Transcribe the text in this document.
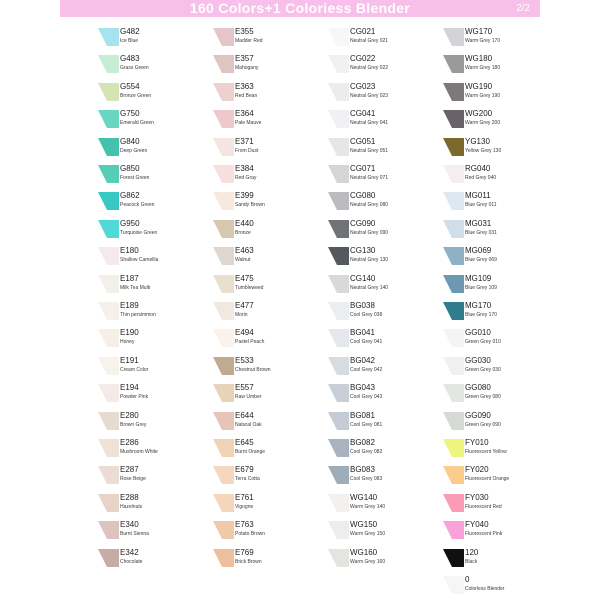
160 Colors+1 Coloriess Blender	2/2
G482
Ice Blue
G483
Grass Green
G554
Bronze Green
G750
Emerald Green
G840
Deep Green
G850
Forest Green
G862
Peacock Green
G950
Turquoise Green
E180
Shallow Camellia
E187
Milk Tea Multi
E189
Thin persimmon
E190
Honey
E191
Cream Color
E194
Powder Pink
E280
Brown Grey
E286
Mushroom White
E287
Rose Beige
E288
Hazelnuts
E340
Burnt Sienna
E342
Chocolate
E355
Madder Red
E357
Mahogany
E363
Red Bean
E364
Pale Mauve
E371
From Dust
E384
Red Gray
E399
Sandy Brown
E440
Bronze
E463
Walnut
E475
Tumbleweed
E477
Morin
E494
Pastel Peach
E533
Chestnut Brown
E557
Raw Umber
E644
Natural Oak
E645
Burnt Orange
E679
Terra Cotta
E761
Vigogne
E763
Potato Brown
E769
Brick Brown
CG021
Neutral Grey 021
CG022
Neutral Grey 022
CG023
Neutral Grey 023
CG041
Neutral Grey 041
CG051
Neutral Grey 051
CG071
Neutral Grey 071
CG080
Neutral Grey 080
CG090
Neutral Grey 090
CG130
Neutral Grey 130
CG140
Neutral Grey 140
BG038
Cool Grey 038
BG041
Cool Grey 041
BG042
Cool Grey 042
BG043
Cool Grey 043
BG081
Cool Grey 081
BG082
Cool Grey 082
BG083
Cool Grey 083
WG140
Warm Grey 140
WG150
Warm Grey 150
WG160
Warm Grey 160
WG170
Warm Grey 170
WG180
Warm Grey 180
WG190
Warm Grey 190
WG200
Warm Grey 200
YG130
Yellow Grey 130
RG040
Red Grey 040
MG011
Blue Grey 011
MG031
Blue Grey 031
MG069
Blue Grey 069
MG109
Blue Grey 109
MG170
Blue Grey 170
GG010
Green Grey 010
GG030
Green Grey 030
GG080
Green Grey 080
GG090
Green Grey 090
FY010
Fluorescent Yellow
FY020
Fluorescent Orange
FY030
Fluorescent Red
FY040
Fluorescent Pink
120
Black
0
Colorless Blender
